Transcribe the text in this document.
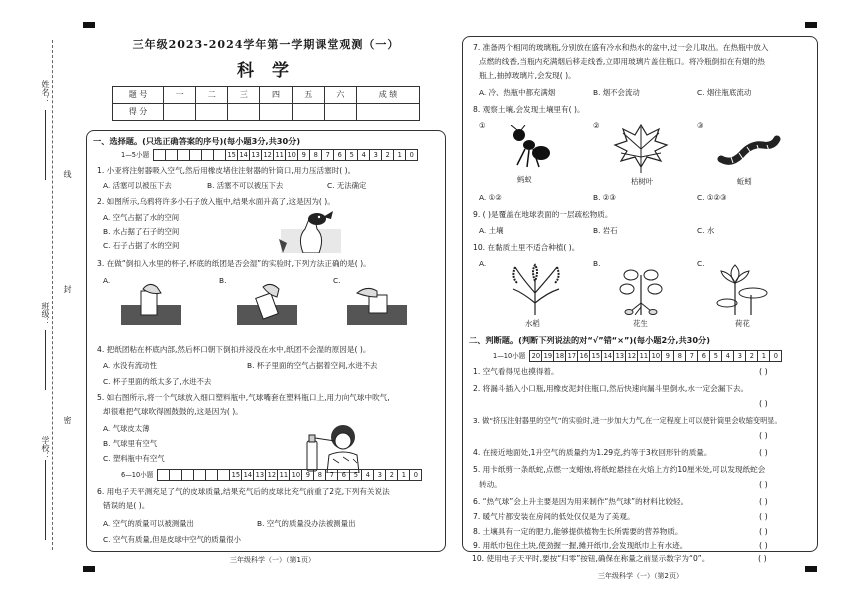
线
姓名：
封
班级：
密
学校：
三年级2023-2024学年第一学期课堂观测（一）
科 学
题 号	一	二	三	四	五	六	成 绩
得 分							
一、选择题。(只选正确答案的序号)(每小题3分,共30分)
1—5小题	15 14 13 12 11 10 9	8	7	6	5	4	3	2	1	0
1. 小亚将注射器吸入空气,然后用橡皮堵住注射器的针筒口,用力压活塞时( )。
A. 活塞可以被压下去	B. 活塞不可以被压下去	C. 无法确定
2. 如图所示,乌鸦将许多小石子放入瓶中,结果水面升高了,这是因为( )。
A. 空气占据了水的空间
B. 水占据了石子的空间
C. 石子占据了水的空间
3. 在做“倒扣入水里的杯子,杯底的纸团是否会湿”的实验时,下列方法正确的是( )。
A.	B.	C.
4. 把纸团粘在杯底内部,然后杯口朝下倒扣并浸没在水中,纸团不会湿的原因是( )。
A. 水没有流动性	B. 杯子里面的空气占据着空间,水进不去
C. 杯子里面的纸太多了,水进不去
5. 如右图所示,将一个气球放入细口塑料瓶中,气球嘴套在塑料瓶口上,用力向气球中吹气,
却很难把气球吹得圆鼓鼓的,这是因为( )。
A. 气球皮太薄
B. 气球里有空气
C. 塑料瓶中有空气
6—10小题	15 14 13 12 11 10 9	8	7	6	5	4	3	2	1	0
6. 用电子天平测充足了气的皮球质量,结果充气后的皮球比充气前重了2克,下列有关说法
错误的是( )。
A. 空气的质量可以被测量出	B. 空气的质量没办法被测量出
C. 空气有质量,但是皮球中空气的质量很小
三年级科学（一）（第1页）
7. 准备两个相同的玻璃瓶,分别放在盛有冷水和热水的盆中,过一会儿取出。在热瓶中放入
点燃的线香,当瓶内充满烟后移走线香,立即用玻璃片盖住瓶口。将冷瓶倒扣在有烟的热
瓶上,抽掉玻璃片,会发现( )。
A. 冷、热瓶中都充满烟	B. 烟不会流动	C. 烟往瓶底流动
8. 观察土壤,会发现土壤里有( )。
①	②	③
蚂蚁	枯树叶	蚯蚓
A. ①②	B. ②③	C. ①②③
9. ( )是覆盖在地球表面的一层疏松物质。
A. 土壤	B. 岩石	C. 水
10. 在黏质土里不适合种植( )。
A.	B.	C.
水稻	花生	荷花
二、判断题。(判断下列说法的对“√”错“×”)(每小题2分,共30分)
1—10小题 20 19 18 17 16 15 14 13 12 11 10 9	8	7	6	5	4	3	2	1	0
1. 空气看得见也摸得着。	( )
2. 将漏斗插入小口瓶,用橡皮泥封住瓶口,然后快速向漏斗里倒水,水一定会漏下去。
( )
3. 做“挤压注射器里的空气”的实验时,进一步加大力气,在一定程度上可以使针筒里会收缩变明显。
( )
4. 在接近地面处,1升空气的质量约为1.29克,约等于3枚回形针的质量。	( )
5. 用卡纸剪一条纸蛇,点燃一支蜡烛,将纸蛇悬挂在火焰上方约10厘米处,可以发现纸蛇会
转动。	( )
6. “热气球”会上升主要是因为用来制作“热气球”的材料比较轻。	( )
7. 暖气片都安装在房间的低处仅仅是为了美观。	( )
8. 土壤具有一定的肥力,能够提供植物生长所需要的营养物质。	( )
9. 用纸巾包住土块,使劲握一握,摊开纸巾,会发现纸巾上有水迹。	( )
10. 使用电子天平时,要按“归零”按钮,确保在称量之前显示数字为“0”。	( )
三年级科学（一）（第2页）
